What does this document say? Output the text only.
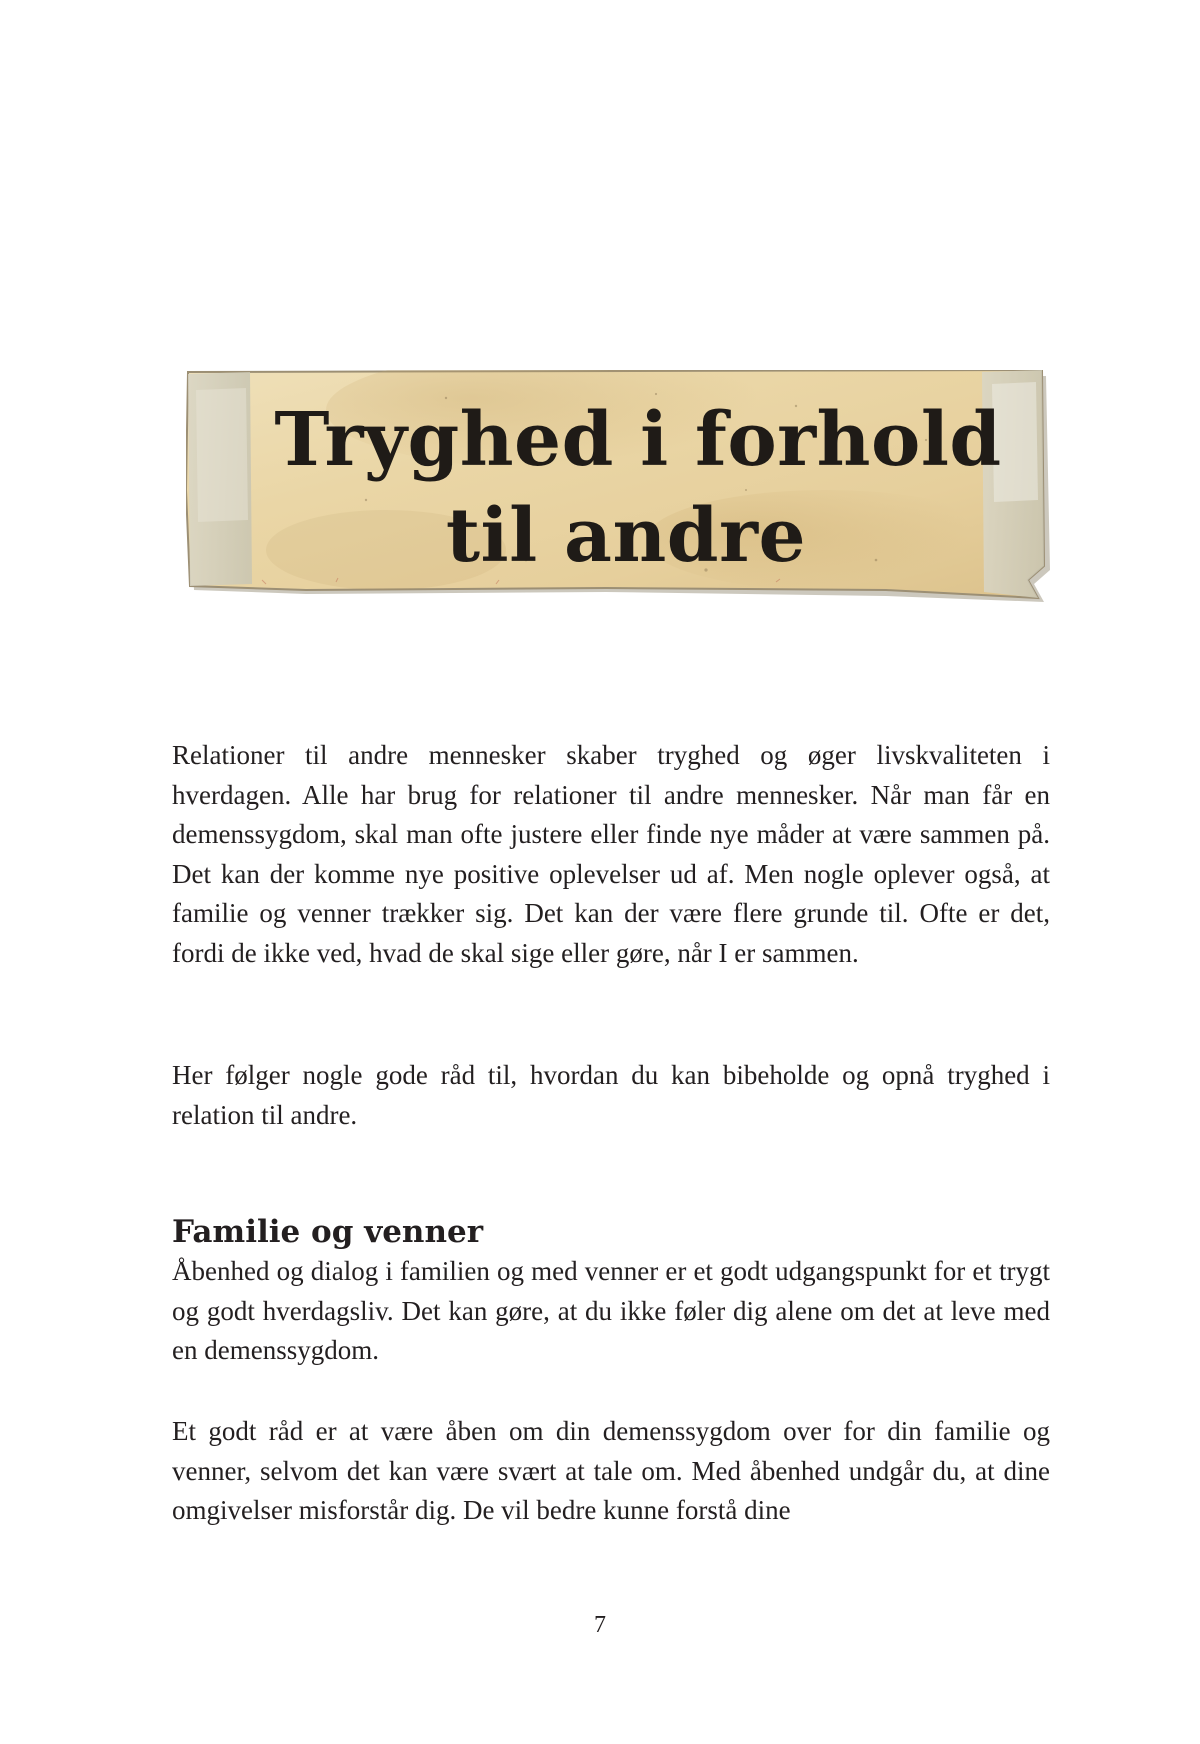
Tryghed i forhold
til andre

Relationer til andre mennesker skaber tryghed og øger livskvaliteten i hverdagen. Alle har brug for relationer til andre mennesker. Når man får en demenssygdom, skal man ofte justere eller finde nye måder at være sammen på. Det kan der komme nye positive oplevelser ud af. Men nogle oplever også, at familie og venner trækker sig. Det kan der være flere grunde til. Ofte er det, fordi de ikke ved, hvad de skal sige eller gøre, når I er sammen.

Her følger nogle gode råd til, hvordan du kan bibeholde og opnå tryghed i relation til andre.

Familie og venner

Åbenhed og dialog i familien og med venner er et godt udgangspunkt for et trygt og godt hverdagsliv. Det kan gøre, at du ikke føler dig alene om det at leve med en demenssygdom.

Et godt råd er at være åben om din demenssygdom over for din familie og venner, selvom det kan være svært at tale om. Med åbenhed undgår du, at dine omgivelser misforstår dig. De vil bedre kunne forstå dine

7
